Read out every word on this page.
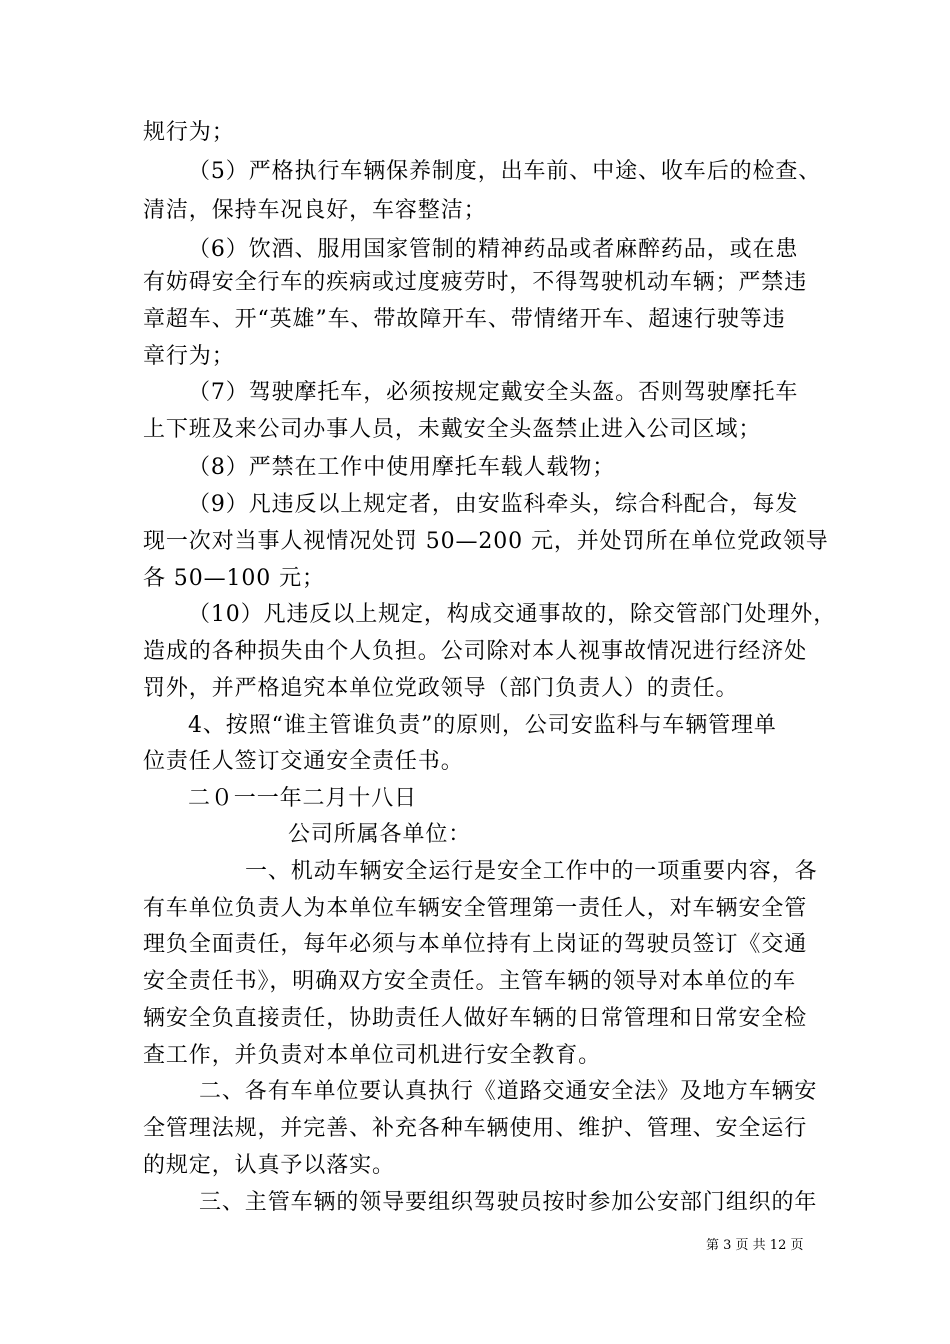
规行为；
（5）严格执行车辆保养制度，出车前、中途、收车后的检查、
清洁，保持车况良好，车容整洁；
（6）饮酒、服用国家管制的精神药品或者麻醉药品，或在患
有妨碍安全行车的疾病或过度疲劳时，不得驾驶机动车辆；严禁违
章超车、开“英雄”车、带故障开车、带情绪开车、超速行驶等违
章行为；
（7）驾驶摩托车，必须按规定戴安全头盔。否则驾驶摩托车
上下班及来公司办事人员，未戴安全头盔禁止进入公司区域；
（8）严禁在工作中使用摩托车载人载物；
（9）凡违反以上规定者，由安监科牵头，综合科配合，每发
现一次对当事人视情况处罚 50—200 元，并处罚所在单位党政领导
各 50—100 元；
（10）凡违反以上规定，构成交通事故的，除交管部门处理外，
造成的各种损失由个人负担。公司除对本人视事故情况进行经济处
罚外，并严格追究本单位党政领导（部门负责人）的责任。
4、按照“谁主管谁负责”的原则，公司安监科与车辆管理单
位责任人签订交通安全责任书。
二０一一年二月十八日
公司所属各单位：
一、机动车辆安全运行是安全工作中的一项重要内容，各
有车单位负责人为本单位车辆安全管理第一责任人，对车辆安全管
理负全面责任，每年必须与本单位持有上岗证的驾驶员签订《交通
安全责任书》，明确双方安全责任。主管车辆的领导对本单位的车
辆安全负直接责任，协助责任人做好车辆的日常管理和日常安全检
查工作，并负责对本单位司机进行安全教育。
二、各有车单位要认真执行《道路交通安全法》及地方车辆安
全管理法规，并完善、补充各种车辆使用、维护、管理、安全运行
的规定，认真予以落实。
三、主管车辆的领导要组织驾驶员按时参加公安部门组织的年
第 3 页 共 12 页
